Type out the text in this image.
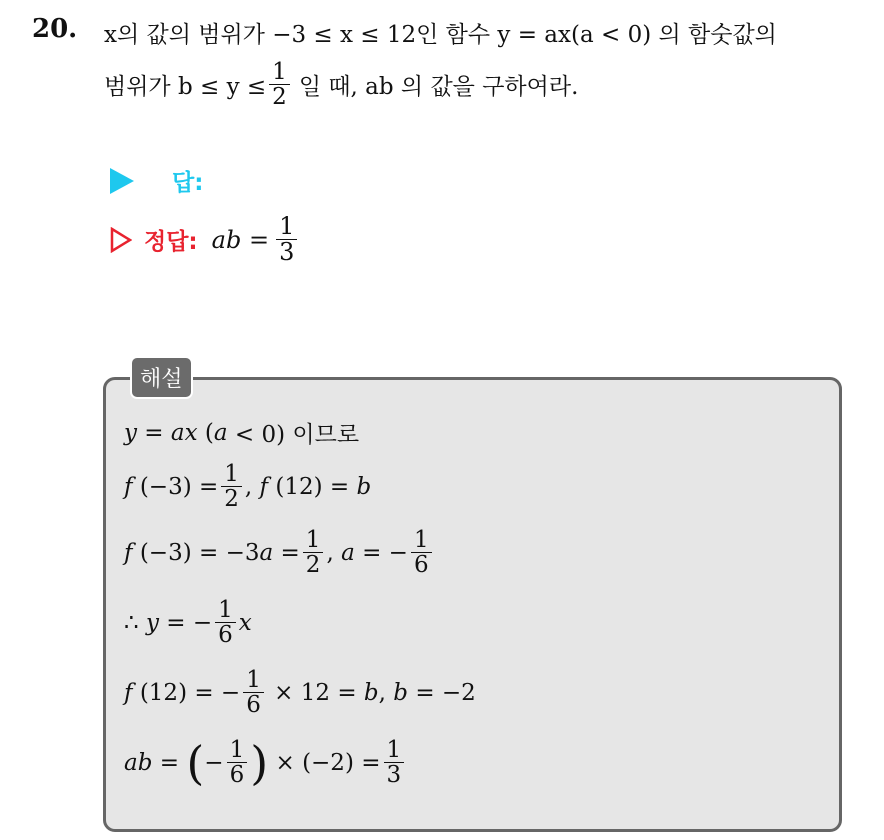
20. x의 값의 범위가 −3 ≤ x ≤ 12인 함수 y = ax(a < 0) 의 함숫값의
범위가 $b \le y \le \frac{1}{2}$ 일 때, ab 의 값을 구하여라.
답:
정답: ab = $\frac{1}{3}$
해설
y = ax ( a < 0) 이므로
f $(-3) = \frac{1}{2}$ , f (12) = b
f (−3) = −3 $a = \frac{1}{2}$ , a = − $\frac{1}{6}$
∴ y = − $\frac{1}{6}$ x
f (12) = − $\frac{1}{6} \times 12 = b$ , b = −2
ab = ( − $\frac{1}{6}$ ) × $(-2) = \frac{1}{3}$
